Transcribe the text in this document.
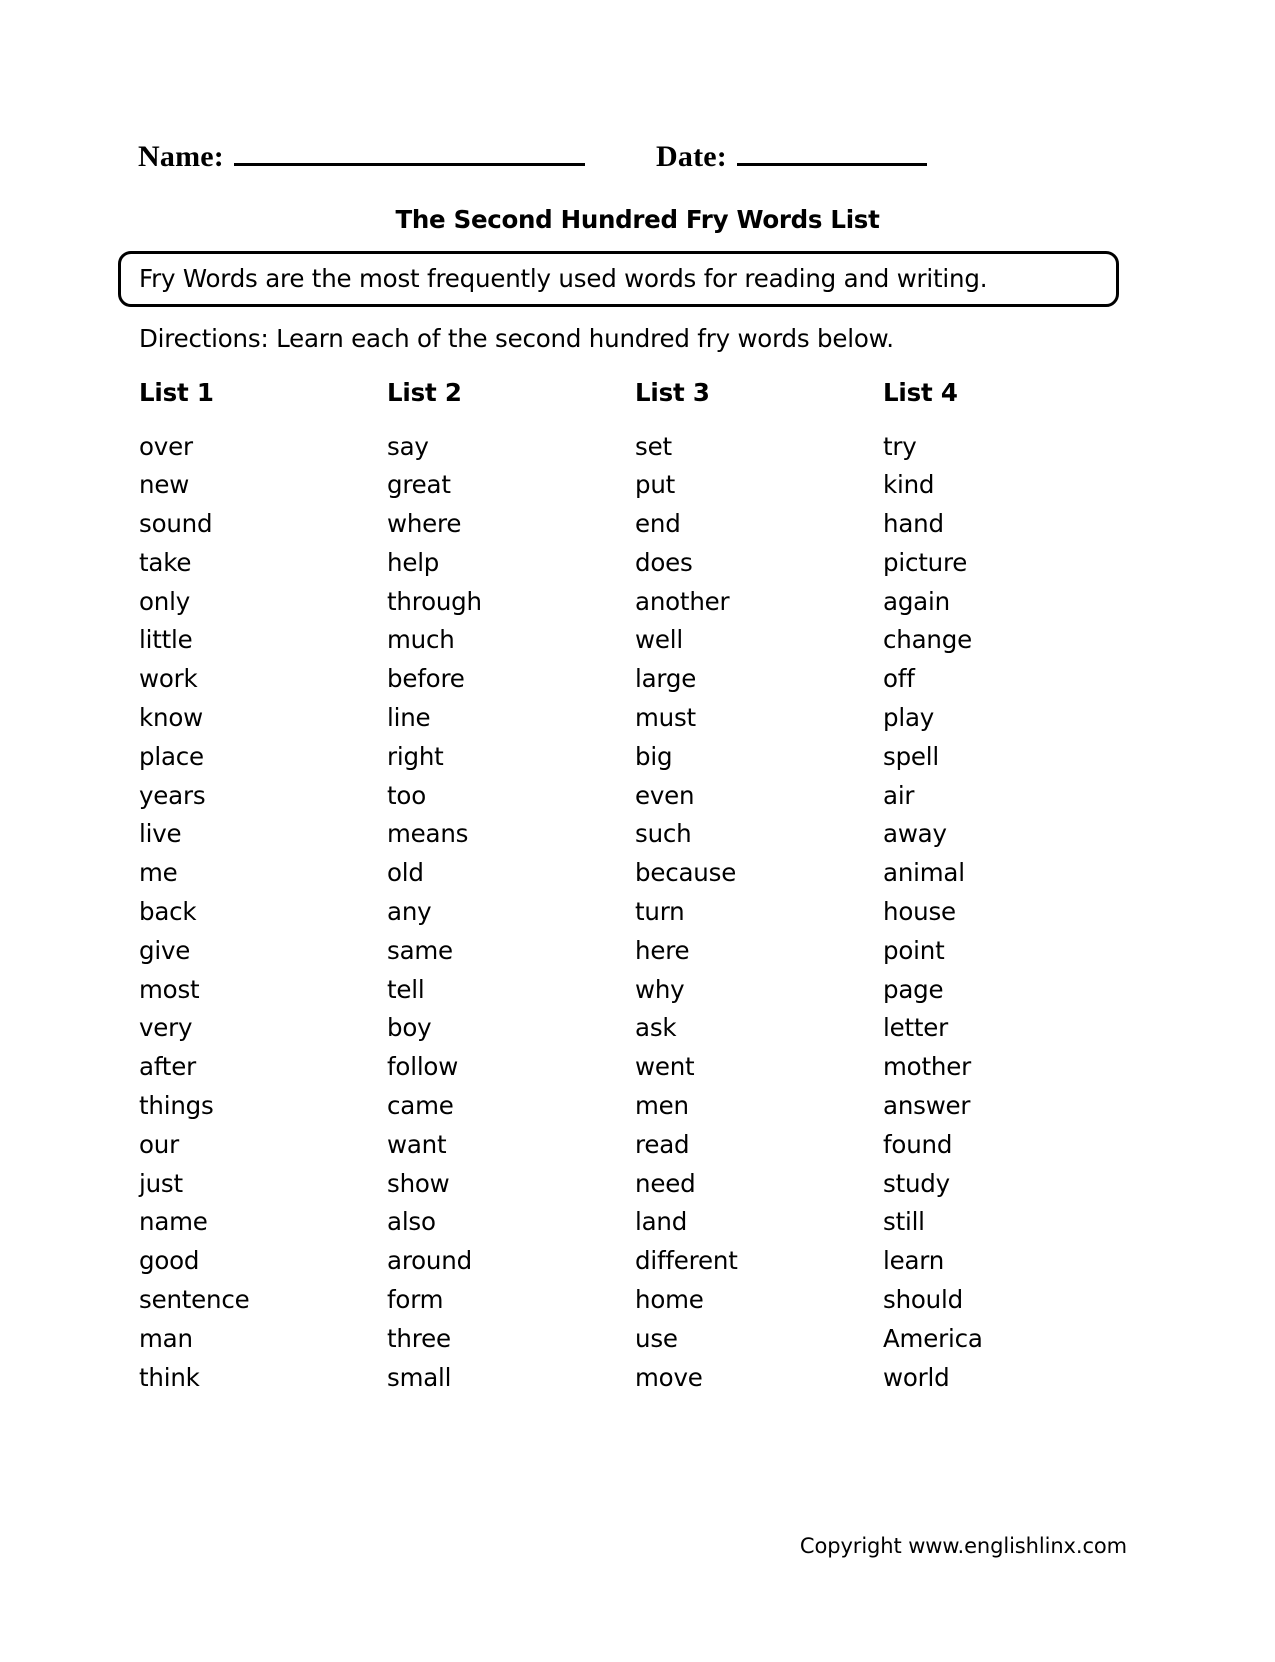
Name:	Date:
The Second Hundred Fry Words List
Fry Words are the most frequently used words for reading and writing.
Directions: Learn each of the second hundred fry words below.
List 1
over
new
sound
take
only
little
work
know
place
years
live
me
back
give
most
very
after
things
our
just
name
good
sentence
man
think
List 2
say
great
where
help
through
much
before
line
right
too
means
old
any
same
tell
boy
follow
came
want
show
also
around
form
three
small
List 3
set
put
end
does
another
well
large
must
big
even
such
because
turn
here
why
ask
went
men
read
need
land
different
home
use
move
List 4
try
kind
hand
picture
again
change
off
play
spell
air
away
animal
house
point
page
letter
mother
answer
found
study
still
learn
should
America
world
Copyright www.englishlinx.com
